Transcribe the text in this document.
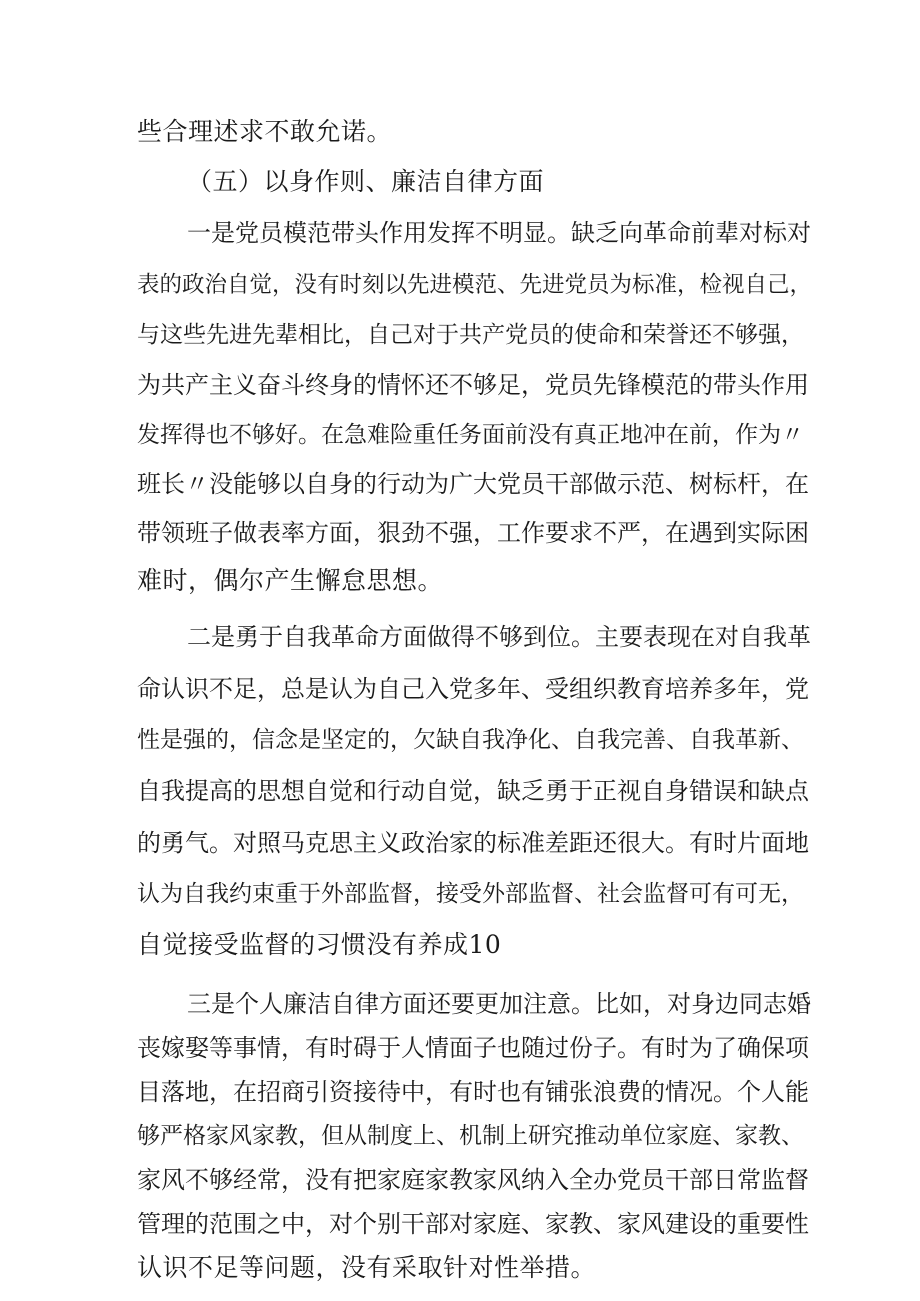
些合理述求不敢允诺。
（五）以身作则、廉洁自律方面
一是党员模范带头作用发挥不明显。缺乏向革命前辈对标对
表的政治自觉，没有时刻以先进模范、先进党员为标准，检视自己，
与这些先进先辈相比，自己对于共产党员的使命和荣誉还不够强，
为共产主义奋斗终身的情怀还不够足，党员先锋模范的带头作用
发挥得也不够好。在急难险重任务面前没有真正地冲在前，作为〃
班长〃没能够以自身的行动为广大党员干部做示范、树标杆，在
带领班子做表率方面，狠劲不强，工作要求不严，在遇到实际困
难时，偶尔产生懈怠思想。
二是勇于自我革命方面做得不够到位。主要表现在对自我革
命认识不足，总是认为自己入党多年、受组织教育培养多年，党
性是强的，信念是坚定的，欠缺自我净化、自我完善、自我革新、
自我提高的思想自觉和行动自觉，缺乏勇于正视自身错误和缺点
的勇气。对照马克思主义政治家的标准差距还很大。有时片面地
认为自我约束重于外部监督，接受外部监督、社会监督可有可无，
自觉接受监督的习惯没有养成10
三是个人廉洁自律方面还要更加注意。比如，对身边同志婚
丧嫁娶等事情，有时碍于人情面子也随过份子。有时为了确保项
目落地，在招商引资接待中，有时也有铺张浪费的情况。个人能
够严格家风家教，但从制度上、机制上研究推动单位家庭、家教、
家风不够经常，没有把家庭家教家风纳入全办党员干部日常监督
管理的范围之中，对个别干部对家庭、家教、家风建设的重要性
认识不足等问题，没有采取针对性举措。
